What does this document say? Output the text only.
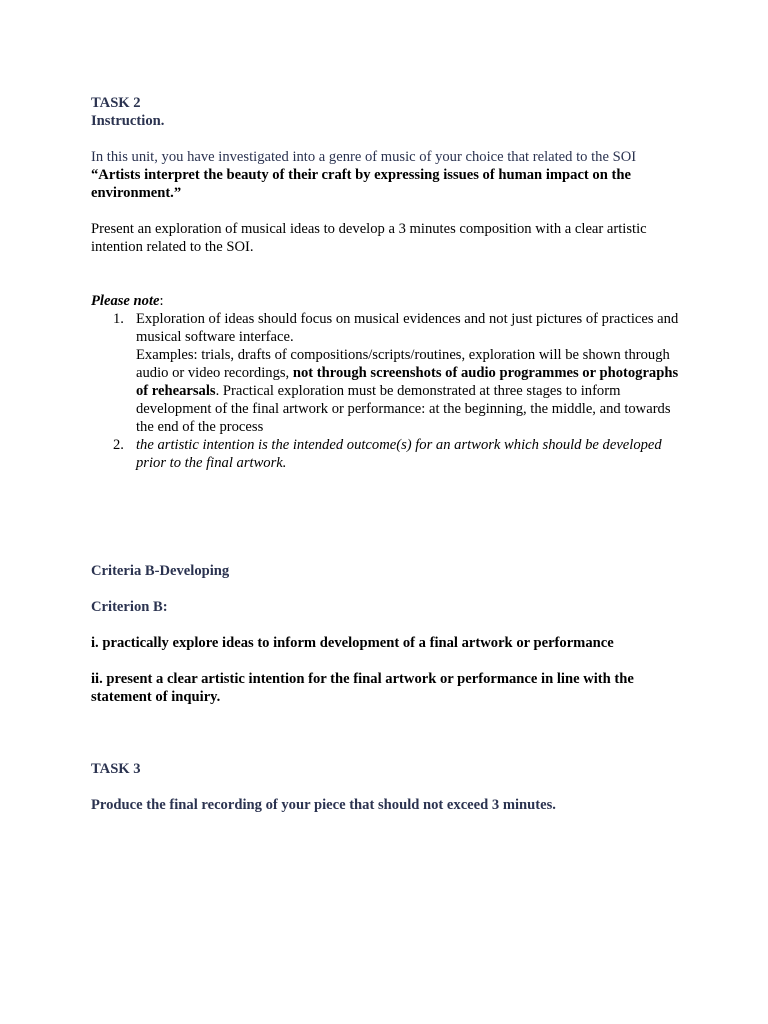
TASK 2

Instruction.

In this unit, you have investigated into a genre of music of your choice that related to the SOI

“Artists interpret the beauty of their craft by expressing issues of human impact on the environment.”

Present an exploration of musical ideas to develop a 3 minutes composition with a clear artistic intention related to the SOI.

Please note:

1. Exploration of ideas should focus on musical evidences and not just pictures of practices and musical software interface.
Examples: trials, drafts of compositions/scripts/routines, exploration will be shown through audio or video recordings, not through screenshots of audio programmes or photographs of rehearsals. Practical exploration must be demonstrated at three stages to inform development of the final artwork or performance: at the beginning, the middle, and towards the end of the process
2. the artistic intention is the intended outcome(s) for an artwork which should be developed prior to the final artwork.

Criteria B-Developing

Criterion B:

i. practically explore ideas to inform development of a final artwork or performance

ii. present a clear artistic intention for the final artwork or performance in line with the statement of inquiry.

TASK 3

Produce the final recording of your piece that should not exceed 3 minutes.
